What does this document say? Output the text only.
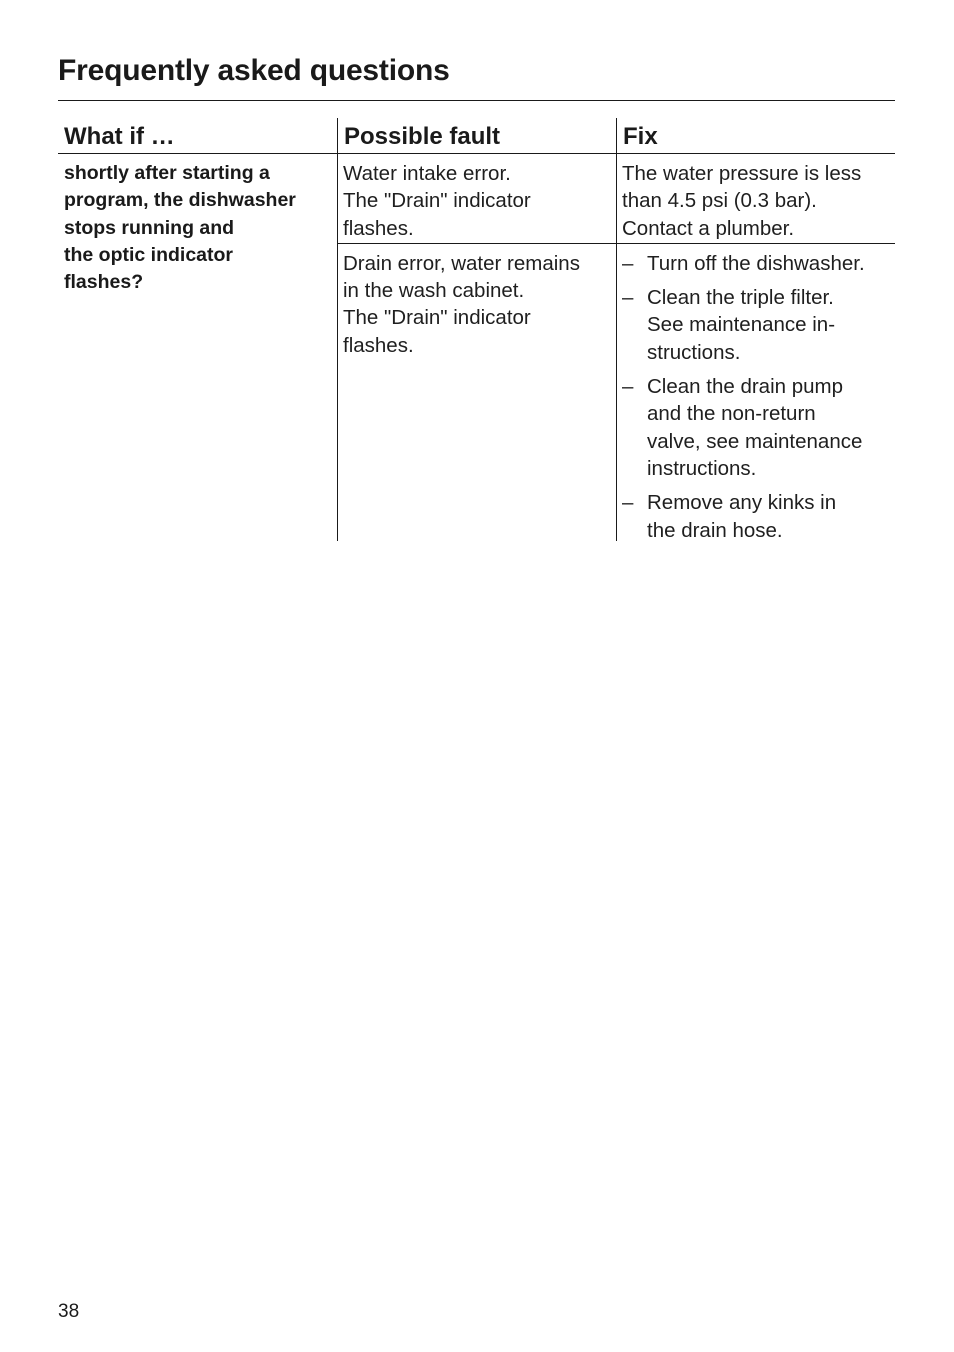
Frequently asked questions
What if …	Possible fault	Fix
shortly after starting a
program, the dishwasher
stops running and
the optic indicator
flashes?
Water intake error.
The "Drain" indicator
flashes.
The water pressure is less
than 4.5 psi (0.3 bar).
Contact a plumber.
Drain error, water remains
in the wash cabinet.
The "Drain" indicator
flashes.
– Turn off the dishwasher.
– Clean the triple filter.
See maintenance in-
structions.
– Clean the drain pump
and the non-return
valve, see maintenance
instructions.
– Remove any kinks in
the drain hose.
38
